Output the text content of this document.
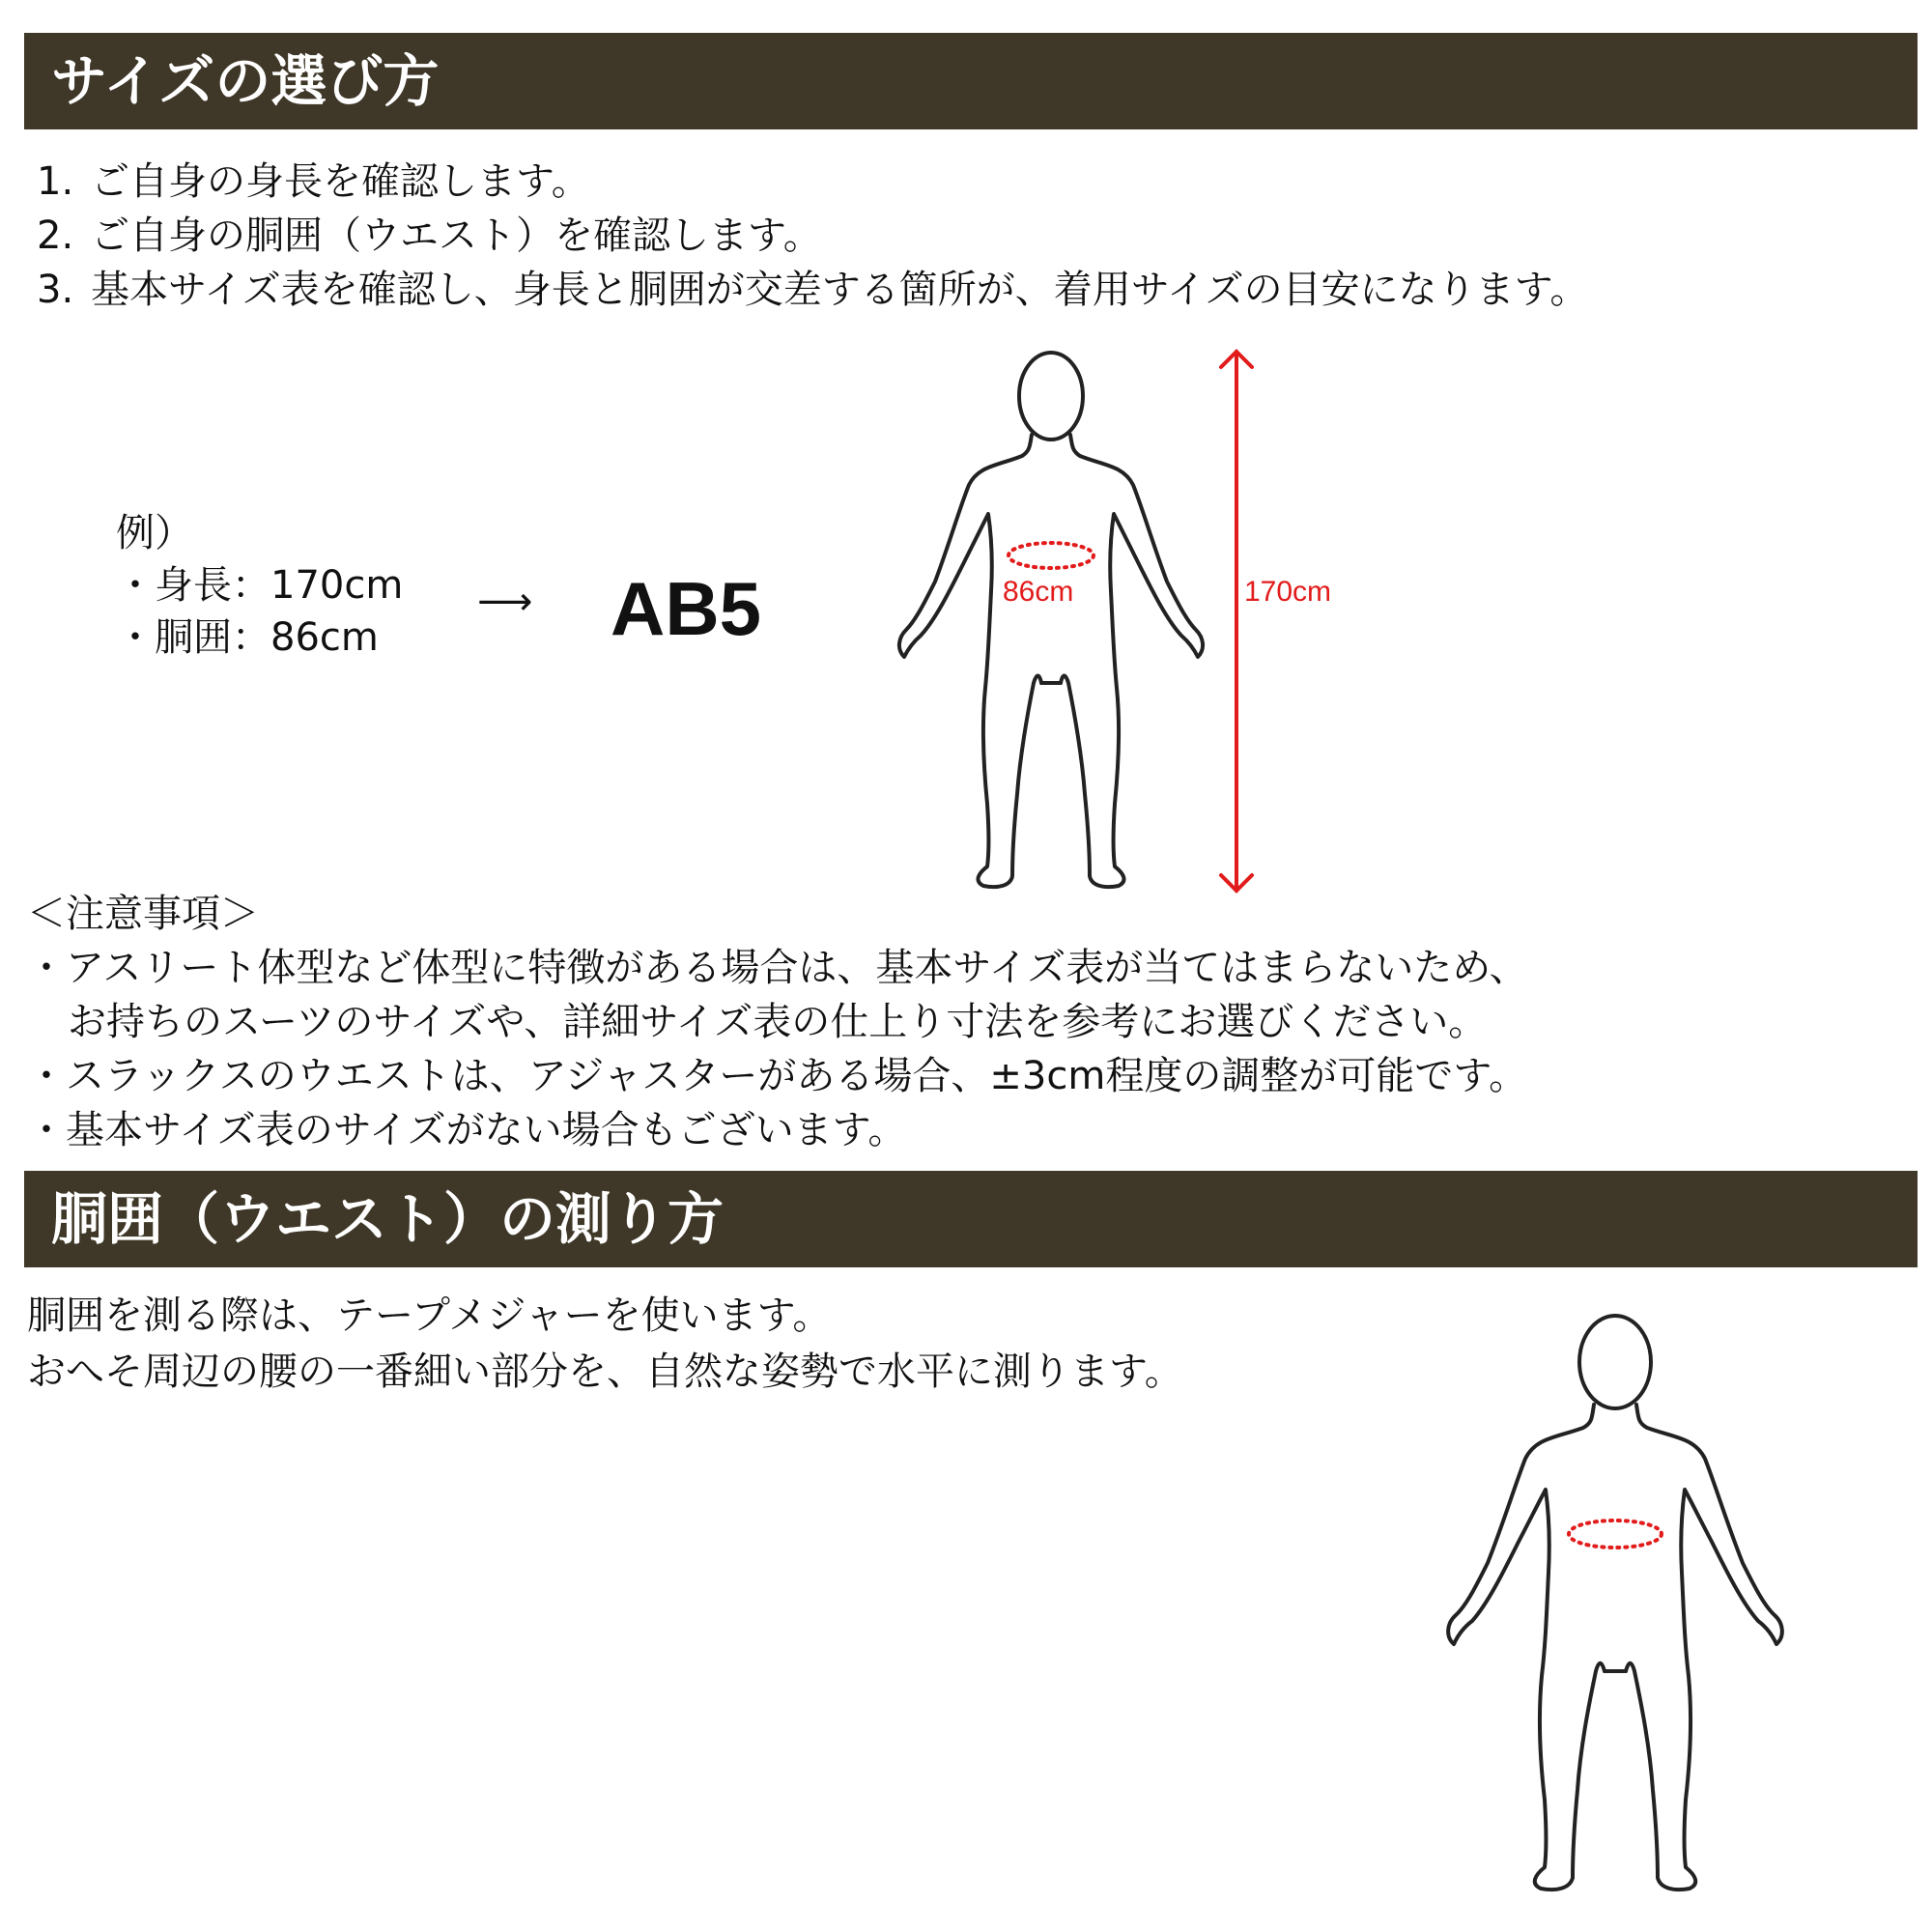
サイズの選び方
1. ご自身の身長を確認します。
2. ご自身の胴囲（ウエスト）を確認します。
3. 基本サイズ表を確認し、身長と胴囲が交差する箇所が、着用サイズの目安になります。
例）
・身長：170cm
・胴囲：86cm
⟶ AB5	86cm	170cm
＜注意事項＞
・アスリート体型など体型に特徴がある場合は、基本サイズ表が当てはまらないため、
お持ちのスーツのサイズや、詳細サイズ表の仕上り寸法を参考にお選びください。
・スラックスのウエストは、アジャスターがある場合、±3cm程度の調整が可能です。
・基本サイズ表のサイズがない場合もございます。
胴囲（ウエスト）の測り方
胴囲を測る際は、テープメジャーを使います。
おへそ周辺の腰の一番細い部分を、自然な姿勢で水平に測ります。
